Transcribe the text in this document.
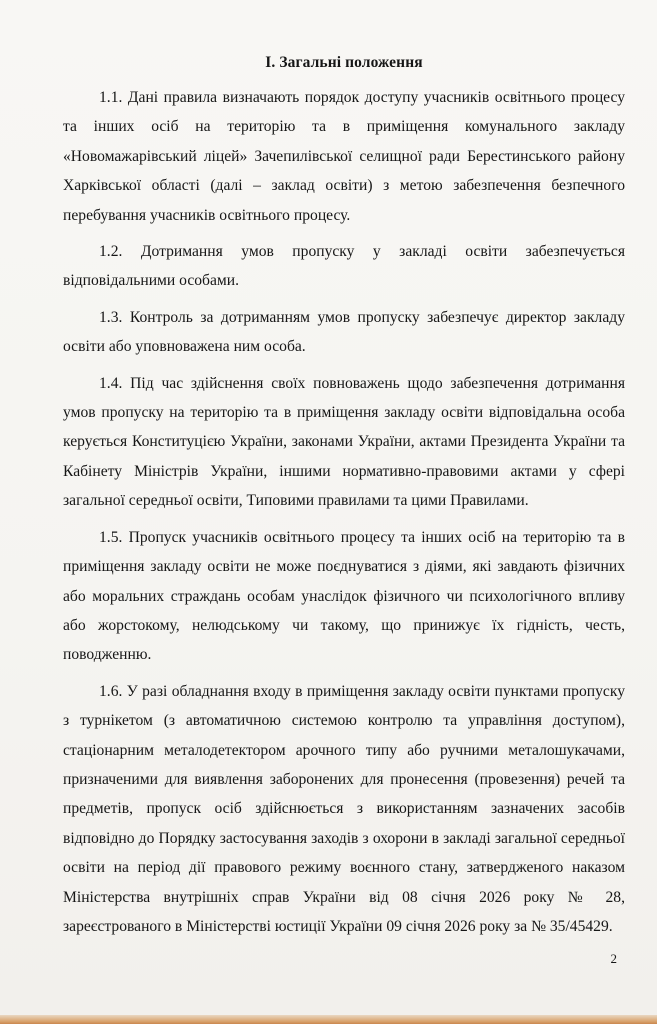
I. Загальні положення

1.1. Дані правила визначають порядок доступу учасників освітнього процесу та інших осіб на територію та в приміщення комунального закладу «Новомажарівський ліцей» Зачепилівської селищної ради Берестинського району Харківської області (далі – заклад освіти) з метою забезпечення безпечного перебування учасників освітнього процесу.

1.2. Дотримання умов пропуску у закладі освіти забезпечується відповідальними особами.

1.3. Контроль за дотриманням умов пропуску забезпечує директор закладу освіти або уповноважена ним особа.

1.4. Під час здійснення своїх повноважень щодо забезпечення дотримання умов пропуску на територію та в приміщення закладу освіти відповідальна особа керується Конституцією України, законами України, актами Президента України та Кабінету Міністрів України, іншими нормативно-правовими актами у сфері загальної середньої освіти, Типовими правилами та цими Правилами.

1.5. Пропуск учасників освітнього процесу та інших осіб на територію та в приміщення закладу освіти не може поєднуватися з діями, які завдають фізичних або моральних страждань особам унаслідок фізичного чи психологічного впливу або жорстокому, нелюдському чи такому, що принижує їх гідність, честь, поводженню.

1.6. У разі обладнання входу в приміщення закладу освіти пунктами пропуску з турнікетом (з автоматичною системою контролю та управління доступом), стаціонарним металодетектором арочного типу або ручними металошукачами, призначеними для виявлення заборонених для пронесення (провезення) речей та предметів, пропуск осіб здійснюється з використанням зазначених засобів відповідно до Порядку застосування заходів з охорони в закладі загальної середньої освіти на період дії правового режиму воєнного стану, затвердженого наказом Міністерства внутрішніх справ України від 08 січня 2026 року № 28, зареєстрованого в Міністерстві юстиції України 09 січня 2026 року за № 35/45429.

2
